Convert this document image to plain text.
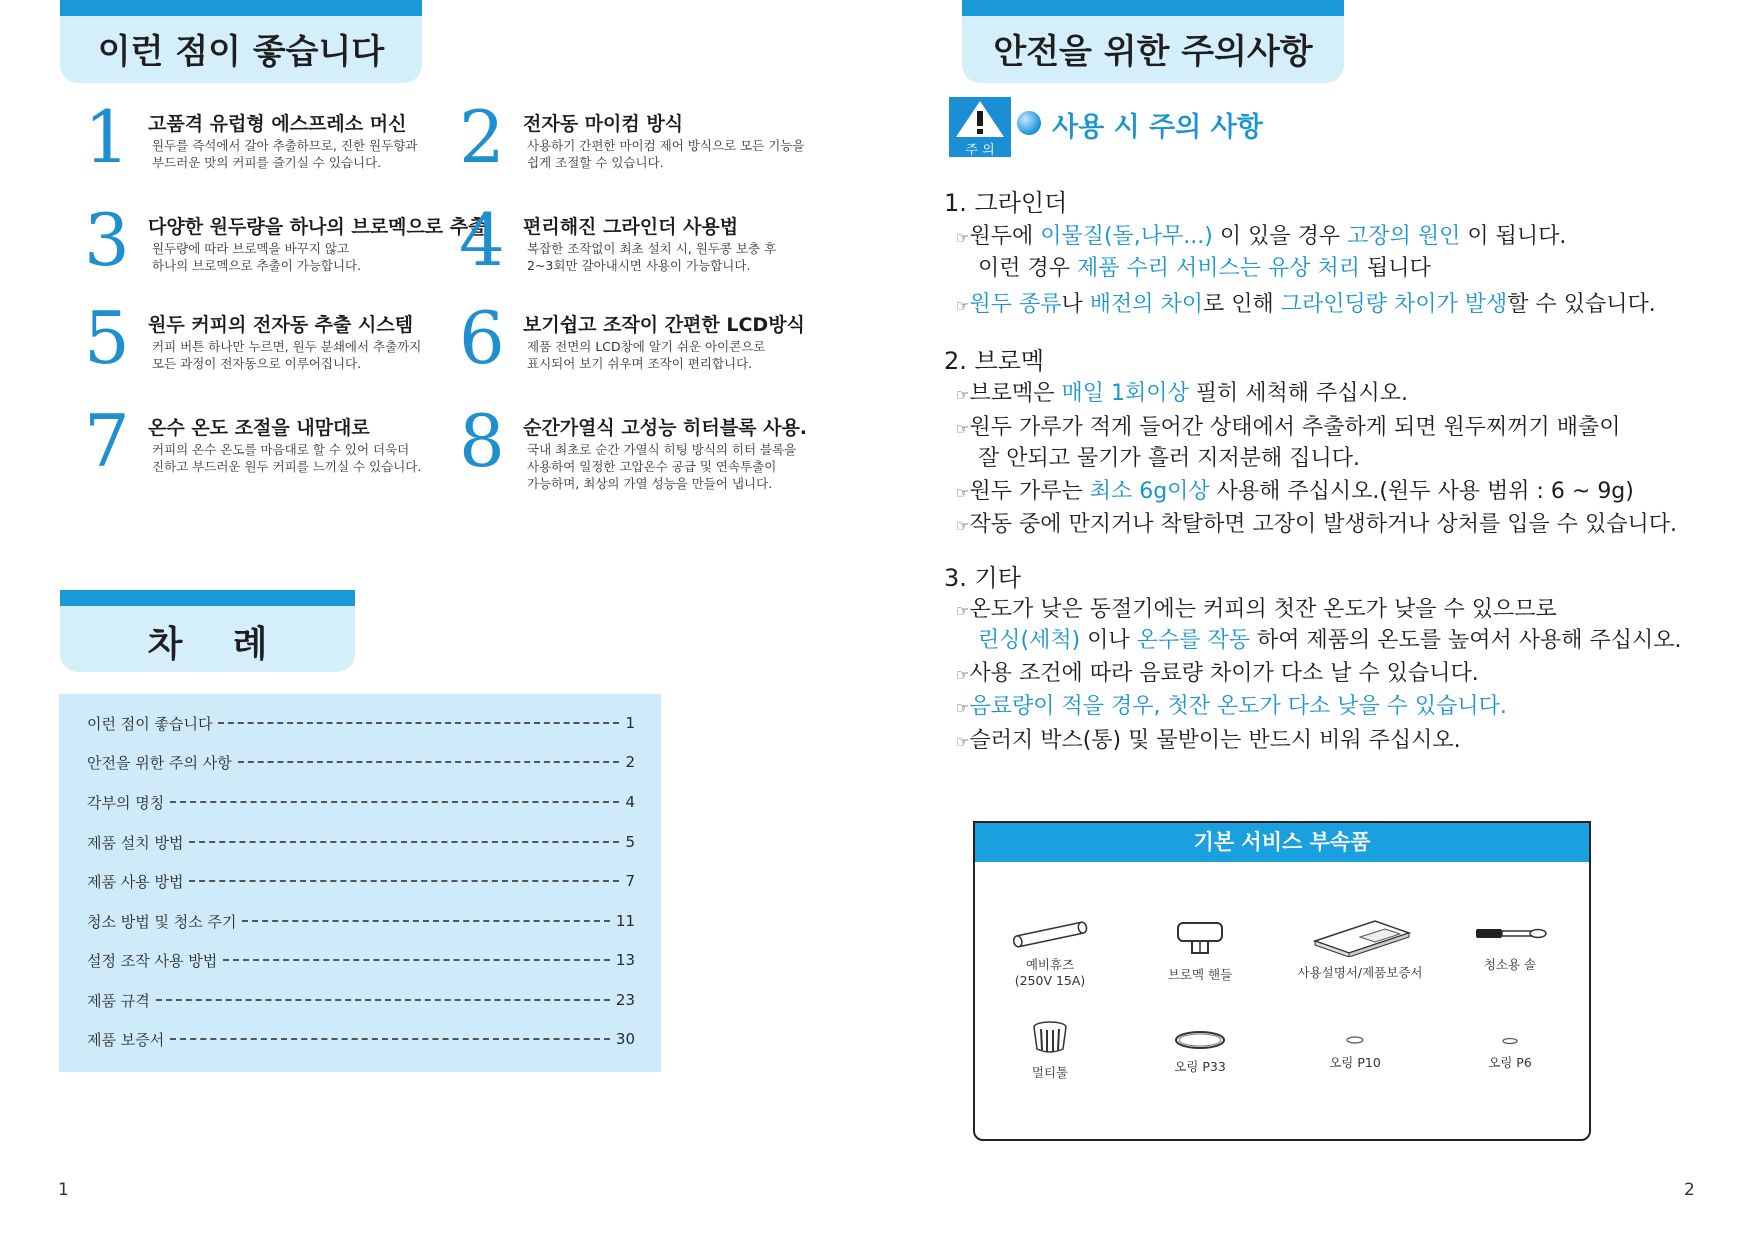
이런 점이 좋습니다
1 고품격 유럽형 에스프레소 머신
원두를 즉석에서 갈아 추출하므로, 진한 원두향과
부드러운 맛의 커피를 즐기실 수 있습니다.	2 전자동 마이컴 방식
사용하기 간편한 마이컴 제어 방식으로 모든 기능을
쉽게 조절할 수 있습니다.
3 다양한 원두량을 하나의 브로멕으로 추출
원두량에 따라 브로멕을 바꾸지 않고
하나의 브로멕으로 추출이 가능합니다. 4 편리해진 그라인더 사용법
복잡한 조작없이 최초 설치 시, 원두콩 보충 후
2~3회만 갈아내시면 사용이 가능합니다.
5 원두 커피의 전자동 추출 시스템
커피 버튼 하나만 누르면, 원두 분쇄에서 추출까지
모든 과정이 전자동으로 이루어집니다.	6 보기쉽고 조작이 간편한 LCD방식
제품 전면의 LCD창에 알기 쉬운 아이콘으로
표시되어 보기 쉬우며 조작이 편리합니다.
7 온수 온도 조절을 내맘대로
커피의 온수 온도를 마음대로 할 수 있어 더욱더
진하고 부드러운 원두 커피를 느끼실 수 있습니다. 8 순간가열식 고성능 히터블록 사용.
국내 최초로 순간 가열식 히팅 방식의 히터 블록을
사용하여 일정한 고압온수 공급 및 연속투출이
가능하며, 최상의 가열 성능을 만들어 냅니다.
차    례
이런 점이 좋습니다	1
안전을 위한 주의 사항	2
각부의 명칭	4
제품 설치 방법	5
제품 사용 방법	7
청소 방법 및 청소 주기	11
설정 조작 사용 방법	13
제품 규격	23
제품 보증서	30
1
안전을 위한 주의사항
주 의
사용 시 주의 사항
1. 그라인더
☞원두에 이물질(돌,나무...) 이 있을 경우 고장의 원인 이 됩니다.
이런 경우 제품 수리 서비스는 유상 처리 됩니다
☞원두 종류나 배전의 차이로 인해 그라인딩량 차이가 발생할 수 있습니다.
2. 브로멕
☞브로멕은 매일 1회이상 필히 세척해 주십시오.
☞원두 가루가 적게 들어간 상태에서 추출하게 되면 원두찌꺼기 배출이
잘 안되고 물기가 흘러 지저분해 집니다.
☞원두 가루는 최소 6g이상 사용해 주십시오.(원두 사용 범위 : 6 ~ 9g)
☞작동 중에 만지거나 착탈하면 고장이 발생하거나 상처를 입을 수 있습니다.
3. 기타
☞온도가 낮은 동절기에는 커피의 첫잔 온도가 낮을 수 있으므로
린싱(세척) 이나 온수를 작동 하여 제품의 온도를 높여서 사용해 주십시오.
☞사용 조건에 따라 음료량 차이가 다소 날 수 있습니다.
☞음료량이 적을 경우, 첫잔 온도가 다소 낮을 수 있습니다.
☞슬러지 박스(통) 및 물받이는 반드시 비워 주십시오.
기본 서비스 부속품
예비휴즈
(250V 15A)	브로멕 핸들	사용설명서/제품보증서
청소용 솔
멀티툴	오링 P33	오링 P10	오링 P6
2
